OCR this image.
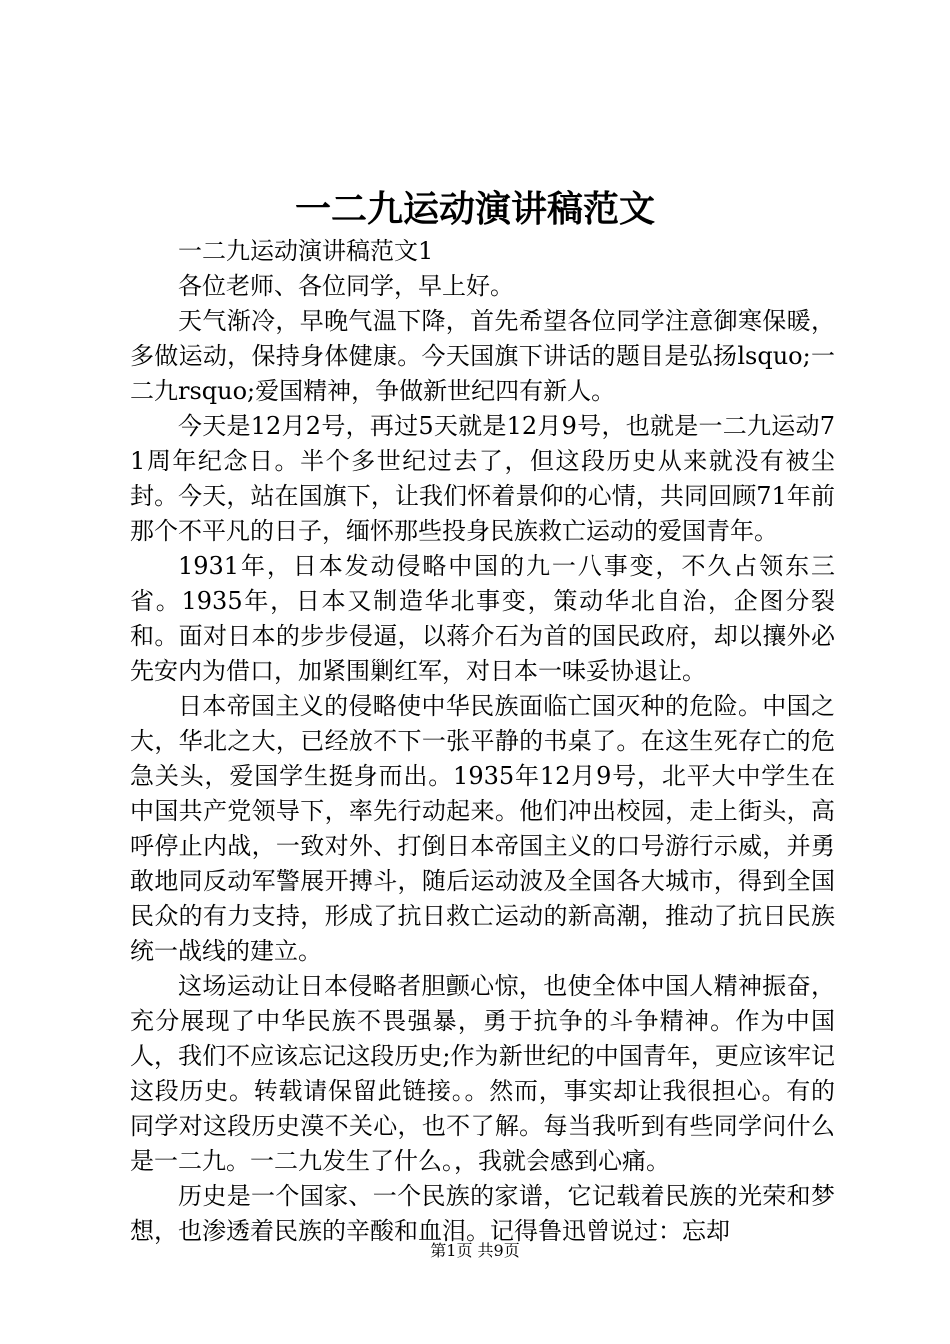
一二九运动演讲稿范文

一二九运动演讲稿范文1

各位老师、各位同学，早上好。

天气渐冷，早晚气温下降，首先希望各位同学注意御寒保暖，多做运动，保持身体健康。今天国旗下讲话的题目是弘扬lsquo;一二九rsquo;爱国精神，争做新世纪四有新人。

今天是12月2号，再过5天就是12月9号，也就是一二九运动71周年纪念日。半个多世纪过去了，但这段历史从来就没有被尘封。今天，站在国旗下，让我们怀着景仰的心情，共同回顾71年前那个不平凡的日子，缅怀那些投身民族救亡运动的爱国青年。

1931年，日本发动侵略中国的九一八事变，不久占领东三省。1935年，日本又制造华北事变，策动华北自治，企图分裂和。面对日本的步步侵逼，以蒋介石为首的国民政府，却以攘外必先安内为借口，加紧围剿红军，对日本一味妥协退让。

日本帝国主义的侵略使中华民族面临亡国灭种的危险。中国之大，华北之大，已经放不下一张平静的书桌了。在这生死存亡的危急关头，爱国学生挺身而出。1935年12月9号，北平大中学生在中国共产党领导下，率先行动起来。他们冲出校园，走上街头，高呼停止内战，一致对外、打倒日本帝国主义的口号游行示威，并勇敢地同反动军警展开搏斗，随后运动波及全国各大城市，得到全国民众的有力支持，形成了抗日救亡运动的新高潮，推动了抗日民族统一战线的建立。

这场运动让日本侵略者胆颤心惊，也使全体中国人精神振奋，充分展现了中华民族不畏强暴，勇于抗争的斗争精神。作为中国人，我们不应该忘记这段历史;作为新世纪的中国青年，更应该牢记这段历史。转载请保留此链接。。然而，事实却让我很担心。有的同学对这段历史漠不关心，也不了解。每当我听到有些同学问什么是一二九。一二九发生了什么。，我就会感到心痛。

历史是一个国家、一个民族的家谱，它记载着民族的光荣和梦想，也渗透着民族的辛酸和血泪。记得鲁迅曾说过：忘却

第1页 共9页
